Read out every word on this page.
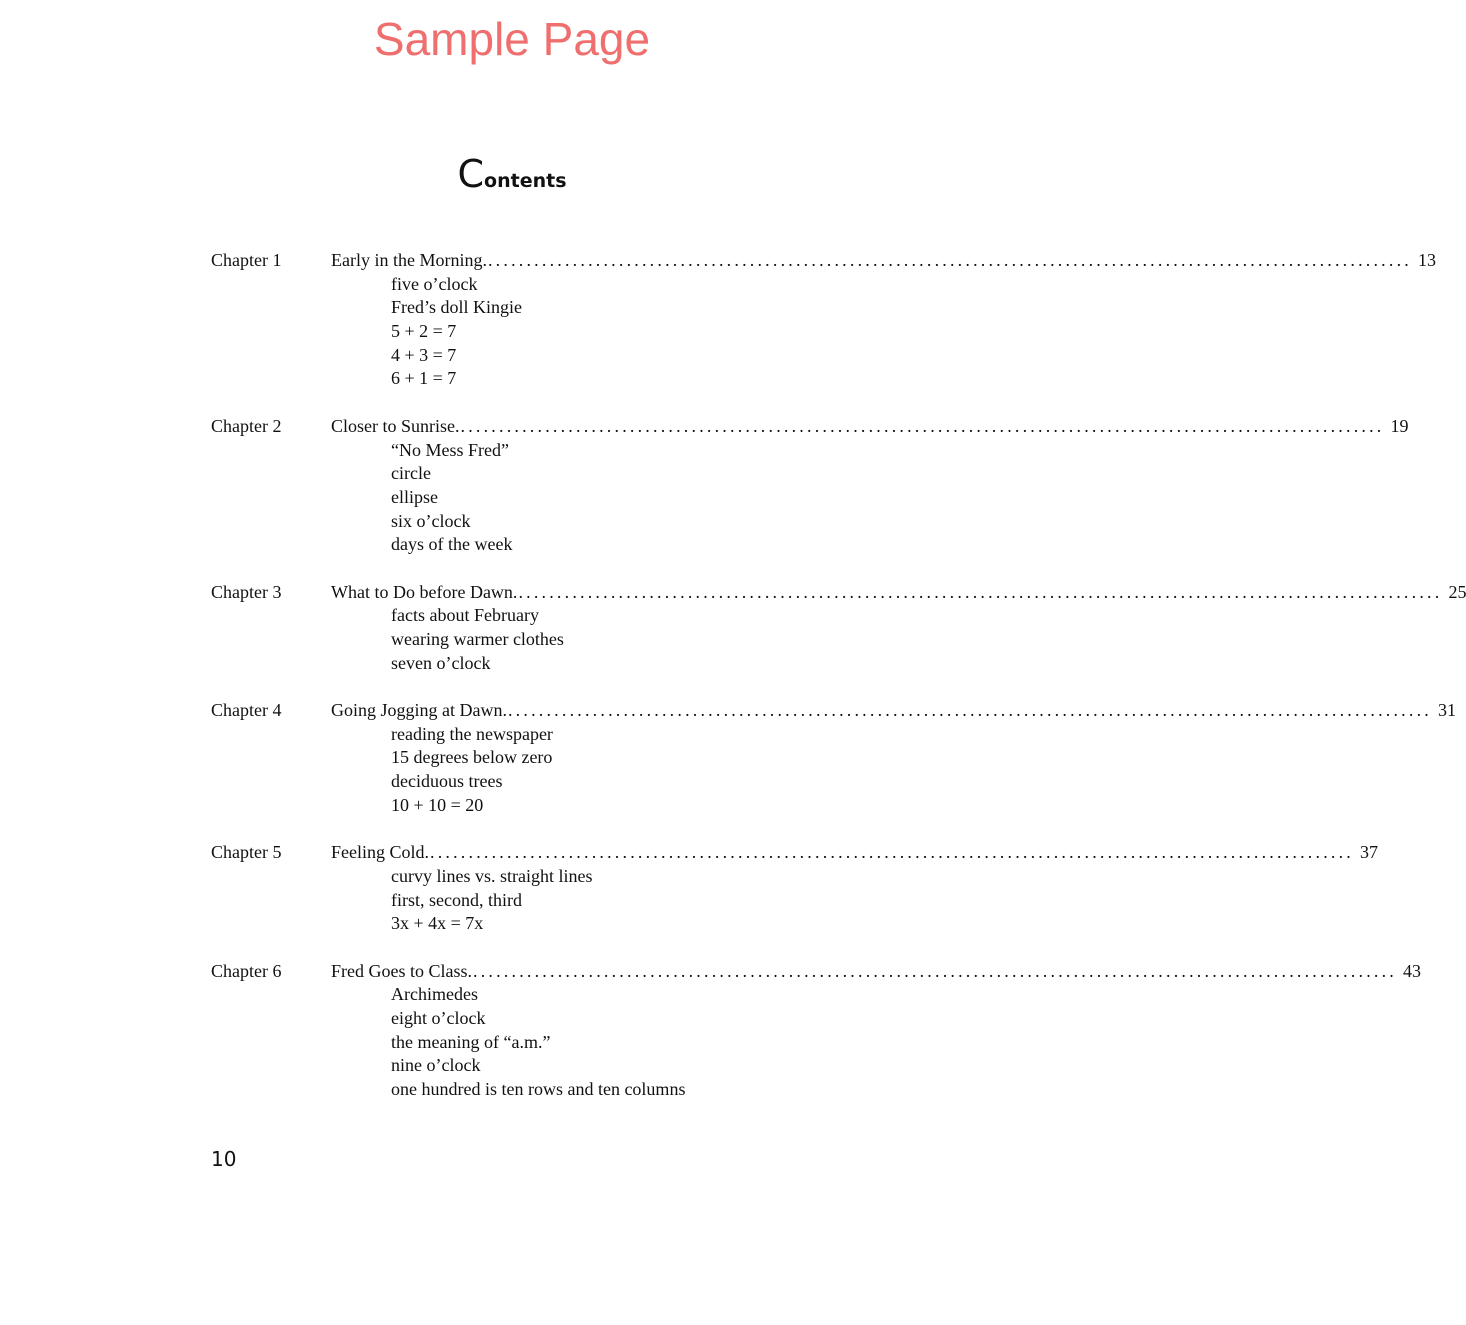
Sample Page
Contents
Chapter 1	Early in the Morning. ........................................................................................................................ 13
five o’clock
Fred’s doll Kingie
5 + 2 = 7
4 + 3 = 7
6 + 1 = 7
Chapter 2	Closer to Sunrise. ........................................................................................................................ 19
“No Mess Fred”
circle
ellipse
six o’clock
days of the week
Chapter 3	What to Do before Dawn. ........................................................................................................................ 25
facts about February
wearing warmer clothes
seven o’clock
Chapter 4	Going Jogging at Dawn. ........................................................................................................................ 31
reading the newspaper
15 degrees below zero
deciduous trees
10 + 10 = 20
Chapter 5	Feeling Cold. ........................................................................................................................ 37
curvy lines vs. straight lines
first, second, third
3x + 4x = 7x
Chapter 6	Fred Goes to Class. ........................................................................................................................ 43
Archimedes
eight o’clock
the meaning of “a.m.”
nine o’clock
one hundred is ten rows and ten columns
10
